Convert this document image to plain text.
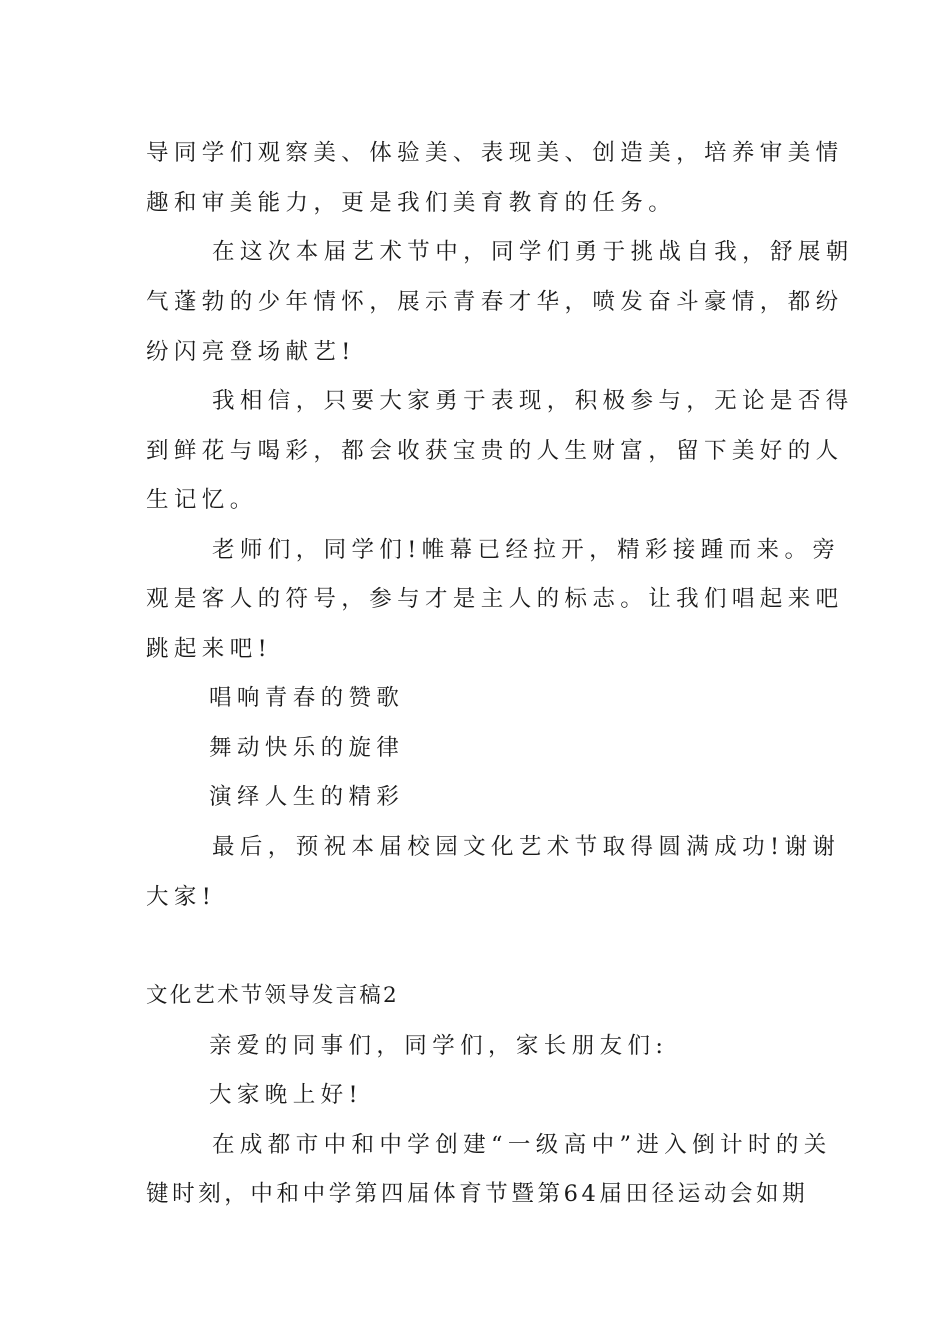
导同学们观察美、体验美、表现美、创造美，培养审美情
趣和审美能力，更是我们美育教育的任务。
在这次本届艺术节中，同学们勇于挑战自我，舒展朝
气蓬勃的少年情怀，展示青春才华，喷发奋斗豪情，都纷
纷闪亮登场献艺!
我相信，只要大家勇于表现，积极参与，无论是否得
到鲜花与喝彩，都会收获宝贵的人生财富，留下美好的人
生记忆。
老师们，同学们!帷幕已经拉开，精彩接踵而来。旁
观是客人的符号，参与才是主人的标志。让我们唱起来吧
跳起来吧!
唱响青春的赞歌
舞动快乐的旋律
演绎人生的精彩
最后，预祝本届校园文化艺术节取得圆满成功!谢谢
大家!
文化艺术节领导发言稿2
亲爱的同事们，同学们，家长朋友们:
大家晚上好!
在成都市中和中学创建“一级高中”进入倒计时的关
键时刻，中和中学第四届体育节暨第64届田径运动会如期
